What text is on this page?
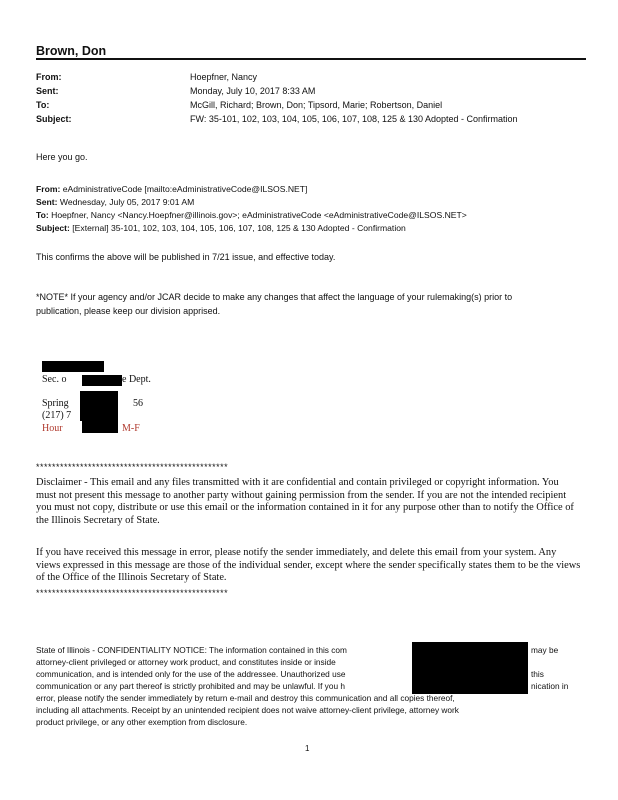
Brown, Don
From:	Hoepfner, Nancy
Sent:	Monday, July 10, 2017 8:33 AM
To:	McGill, Richard; Brown, Don; Tipsord, Marie; Robertson, Daniel
Subject:	FW: 35-101, 102, 103, 104, 105, 106, 107, 108, 125 & 130 Adopted - Confirmation
Here you go.
From: eAdministrativeCode [mailto:eAdministrativeCode@ILSOS.NET]
Sent: Wednesday, July 05, 2017 9:01 AM
To: Hoepfner, Nancy <Nancy.Hoepfner@illinois.gov>; eAdministrativeCode <eAdministrativeCode@ILSOS.NET>
Subject: [External] 35-101, 102, 103, 104, 105, 106, 107, 108, 125 & 130 Adopted - Confirmation
This confirms the above will be published in 7/21 issue, and effective today.
*NOTE* If your agency and/or JCAR decide to make any changes that affect the language of your rulemaking(s) prior to
publication, please keep our division apprised.
Sec. o	e Dept.
Spring	56
(217) 7
Hour	M-F
************************************************
Disclaimer - This email and any files transmitted with it are confidential and contain privileged or copyright information. You must not present this message to another party without gaining permission from the sender. If you are not the intended recipient you must not copy, distribute or use this email or the information contained in it for any purpose other than to notify the Office of the Illinois Secretary of State.
If you have received this message in error, please notify the sender immediately, and delete this email from your system. Any views expressed in this message are those of the individual sender, except where the sender specifically states them to be the views of the Office of the Illinois Secretary of State.
************************************************
State of Illinois - CONFIDENTIALITY NOTICE: The information contained in this com	may be
attorney-client privileged or attorney work product, and constitutes inside or inside
communication, and is intended only for the use of the addressee. Unauthorized use	this
communication or any part thereof is strictly prohibited and may be unlawful. If you h	nication in
error, please notify the sender immediately by return e-mail and destroy this communication and all copies thereof,
including all attachments. Receipt by an unintended recipient does not waive attorney-client privilege, attorney work
product privilege, or any other exemption from disclosure.
1
